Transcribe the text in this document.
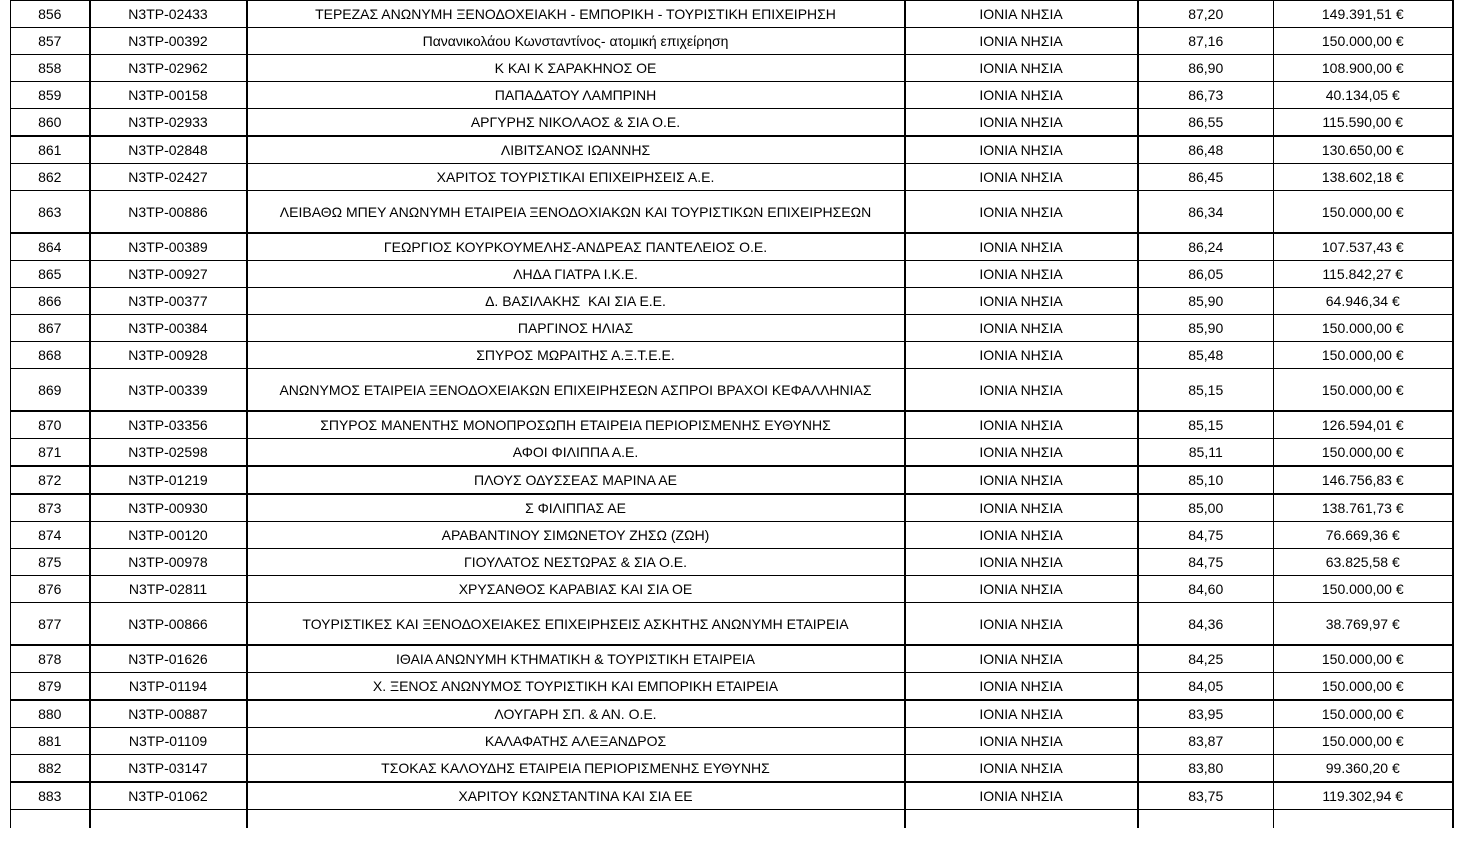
856	N3TP-02433	ΤΕΡΕΖΑΣ ΑΝΩΝΥΜΗ ΞΕΝΟΔΟΧΕΙΑΚΗ - ΕΜΠΟΡΙΚΗ - ΤΟΥΡΙΣΤΙΚΗ ΕΠΙΧΕΙΡΗΣΗ	ΙΟΝΙΑ ΝΗΣΙΑ	87,20	149.391,51 €
857	N3TP-00392	Πανανικολάου Κωνσταντίνος- ατομική επιχείρηση	ΙΟΝΙΑ ΝΗΣΙΑ	87,16	150.000,00 €
858	N3TP-02962	Κ ΚΑΙ Κ ΣΑΡΑΚΗΝΟΣ ΟΕ	ΙΟΝΙΑ ΝΗΣΙΑ	86,90	108.900,00 €
859	N3TP-00158	ΠΑΠΑΔΑΤΟΥ ΛΑΜΠΡΙΝΗ	ΙΟΝΙΑ ΝΗΣΙΑ	86,73	40.134,05 €
860	N3TP-02933	ΑΡΓΥΡΗΣ ΝΙΚΟΛΑΟΣ & ΣΙΑ Ο.Ε.	ΙΟΝΙΑ ΝΗΣΙΑ	86,55	115.590,00 €
861	N3TP-02848	ΛΙΒΙΤΣΑΝΟΣ ΙΩΑΝΝΗΣ	ΙΟΝΙΑ ΝΗΣΙΑ	86,48	130.650,00 €
862	N3TP-02427	ΧΑΡΙΤΟΣ ΤΟΥΡΙΣΤΙΚΑΙ ΕΠΙΧΕΙΡΗΣΕΙΣ Α.Ε.	ΙΟΝΙΑ ΝΗΣΙΑ	86,45	138.602,18 €
863	N3TP-00886	ΛΕΙΒΑΘΩ ΜΠΕΥ ΑΝΩΝΥΜΗ ΕΤΑΙΡΕΙΑ ΞΕΝΟΔΟΧΙΑΚΩΝ ΚΑΙ ΤΟΥΡΙΣΤΙΚΩΝ ΕΠΙΧΕΙΡΗΣΕΩΝ	ΙΟΝΙΑ ΝΗΣΙΑ	86,34	150.000,00 €
864	N3TP-00389	ΓΕΩΡΓΙΟΣ ΚΟΥΡΚΟΥΜΕΛΗΣ-ΑΝΔΡΕΑΣ ΠΑΝΤΕΛΕΙΟΣ Ο.Ε.	ΙΟΝΙΑ ΝΗΣΙΑ	86,24	107.537,43 €
865	N3TP-00927	ΛΗΔΑ ΓΙΑΤΡΑ Ι.Κ.Ε.	ΙΟΝΙΑ ΝΗΣΙΑ	86,05	115.842,27 €
866	N3TP-00377	Δ. ΒΑΣΙΛΑΚΗΣ  ΚΑΙ ΣΙΑ Ε.Ε.	ΙΟΝΙΑ ΝΗΣΙΑ	85,90	64.946,34 €
867	N3TP-00384	ΠΑΡΓΙΝΟΣ ΗΛΙΑΣ	ΙΟΝΙΑ ΝΗΣΙΑ	85,90	150.000,00 €
868	N3TP-00928	ΣΠΥΡΟΣ ΜΩΡΑΙΤΗΣ Α.Ξ.Τ.Ε.Ε.	ΙΟΝΙΑ ΝΗΣΙΑ	85,48	150.000,00 €
869	N3TP-00339	ΑΝΩΝΥΜΟΣ ΕΤΑΙΡΕΙΑ ΞΕΝΟΔΟΧΕΙΑΚΩΝ ΕΠΙΧΕΙΡΗΣΕΩΝ ΑΣΠΡΟΙ ΒΡΑΧΟΙ ΚΕΦΑΛΛΗΝΙΑΣ	ΙΟΝΙΑ ΝΗΣΙΑ	85,15	150.000,00 €
870	N3TP-03356	ΣΠΥΡΟΣ ΜΑΝΕΝΤΗΣ ΜΟΝΟΠΡΟΣΩΠΗ ΕΤΑΙΡΕΙΑ ΠΕΡΙΟΡΙΣΜΕΝΗΣ ΕΥΘΥΝΗΣ	ΙΟΝΙΑ ΝΗΣΙΑ	85,15	126.594,01 €
871	N3TP-02598	ΑΦΟΙ ΦΙΛΙΠΠΑ Α.Ε.	ΙΟΝΙΑ ΝΗΣΙΑ	85,11	150.000,00 €
872	N3TP-01219	ΠΛΟΥΣ ΟΔΥΣΣΕΑΣ ΜΑΡΙΝΑ ΑΕ	ΙΟΝΙΑ ΝΗΣΙΑ	85,10	146.756,83 €
873	N3TP-00930	Σ ΦΙΛΙΠΠΑΣ ΑΕ	ΙΟΝΙΑ ΝΗΣΙΑ	85,00	138.761,73 €
874	N3TP-00120	ΑΡΑΒΑΝΤΙΝΟΥ ΣΙΜΩΝΕΤΟΥ ΖΗΣΩ (ΖΩΗ)	ΙΟΝΙΑ ΝΗΣΙΑ	84,75	76.669,36 €
875	N3TP-00978	ΓΙΟΥΛΑΤΟΣ ΝΕΣΤΩΡΑΣ & ΣΙΑ Ο.Ε.	ΙΟΝΙΑ ΝΗΣΙΑ	84,75	63.825,58 €
876	N3TP-02811	ΧΡΥΣΑΝΘΟΣ ΚΑΡΑΒΙΑΣ ΚΑΙ ΣΙΑ ΟΕ	ΙΟΝΙΑ ΝΗΣΙΑ	84,60	150.000,00 €
877	N3TP-00866	ΤΟΥΡΙΣΤΙΚΕΣ ΚΑΙ ΞΕΝΟΔΟΧΕΙΑΚΕΣ ΕΠΙΧΕΙΡΗΣΕΙΣ ΑΣΚΗΤΗΣ ΑΝΩΝΥΜΗ ΕΤΑΙΡΕΙΑ	ΙΟΝΙΑ ΝΗΣΙΑ	84,36	38.769,97 €
878	N3TP-01626	ΙΘΑΙΑ ΑΝΩΝΥΜΗ ΚΤΗΜΑΤΙΚΗ & ΤΟΥΡΙΣΤΙΚΗ ΕΤΑΙΡΕΙΑ	ΙΟΝΙΑ ΝΗΣΙΑ	84,25	150.000,00 €
879	N3TP-01194	Χ. ΞΕΝΟΣ ΑΝΩΝΥΜΟΣ ΤΟΥΡΙΣΤΙΚΗ ΚΑΙ ΕΜΠΟΡΙΚΗ ΕΤΑΙΡΕΙΑ	ΙΟΝΙΑ ΝΗΣΙΑ	84,05	150.000,00 €
880	N3TP-00887	ΛΟΥΓΑΡΗ ΣΠ. & ΑΝ. Ο.Ε.	ΙΟΝΙΑ ΝΗΣΙΑ	83,95	150.000,00 €
881	N3TP-01109	ΚΑΛΑΦΑΤΗΣ ΑΛΕΞΑΝΔΡΟΣ	ΙΟΝΙΑ ΝΗΣΙΑ	83,87	150.000,00 €
882	N3TP-03147	ΤΣΟΚΑΣ ΚΑΛΟΥΔΗΣ ΕΤΑΙΡΕΙΑ ΠΕΡΙΟΡΙΣΜΕΝΗΣ ΕΥΘΥΝΗΣ	ΙΟΝΙΑ ΝΗΣΙΑ	83,80	99.360,20 €
883	N3TP-01062	ΧΑΡΙΤΟΥ ΚΩΝΣΤΑΝΤΙΝΑ ΚΑΙ ΣΙΑ ΕΕ	ΙΟΝΙΑ ΝΗΣΙΑ	83,75	119.302,94 €
